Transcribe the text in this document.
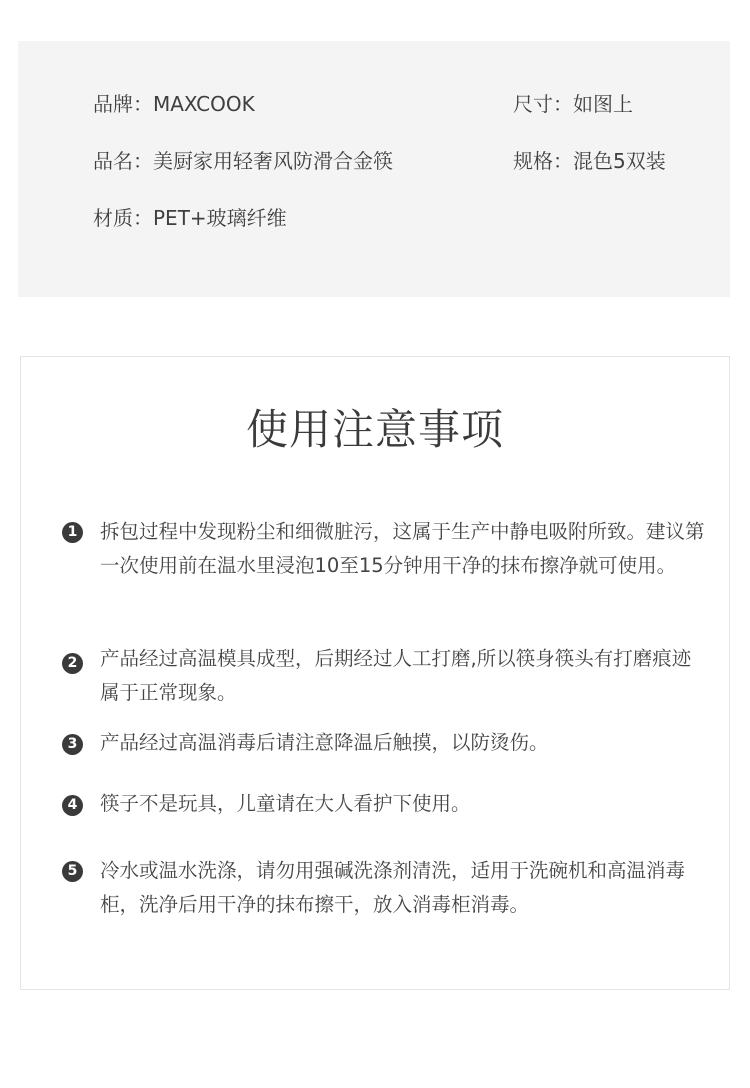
品牌：MAXCOOK	尺寸：如图上
品名：美厨家用轻奢风防滑合金筷	规格：混色5双装
材质：PET+玻璃纤维
使用注意事项
1 拆包过程中发现粉尘和细微脏污，这属于生产中静电吸附所致。建议第一次使用前在温水里浸泡10至15分钟用干净的抹布擦净就可使用。
2 产品经过高温模具成型，后期经过人工打磨,所以筷身筷头有打磨痕迹属于正常现象。
3 产品经过高温消毒后请注意降温后触摸，以防烫伤。
4 筷子不是玩具，儿童请在大人看护下使用。
5 冷水或温水洗涤，请勿用强碱洗涤剂清洗，适用于洗碗机和高温消毒柜，洗净后用干净的抹布擦干，放入消毒柜消毒。
